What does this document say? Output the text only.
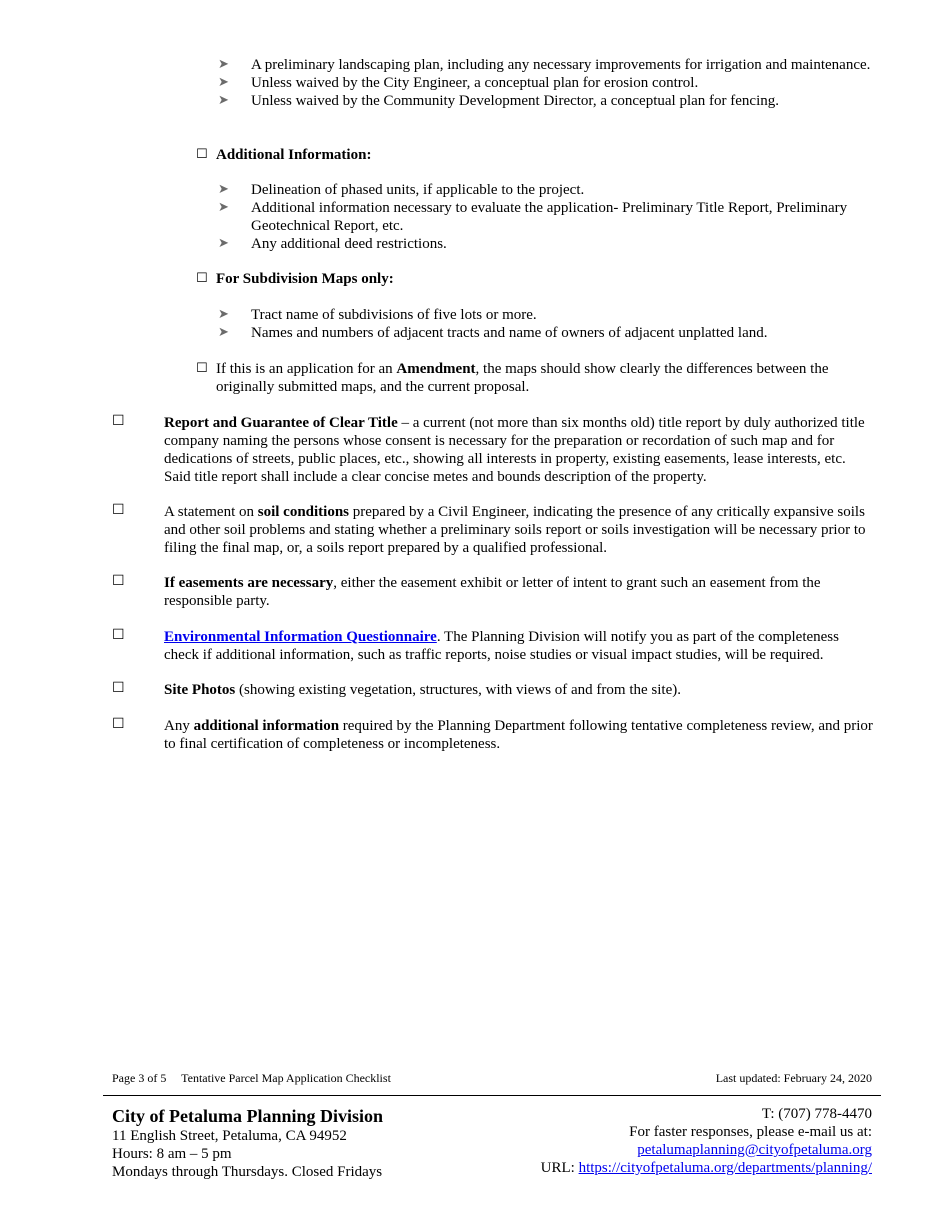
➤ A preliminary landscaping plan, including any necessary improvements for irrigation and maintenance.
➤ Unless waived by the City Engineer, a conceptual plan for erosion control.
➤ Unless waived by the Community Development Director, a conceptual plan for fencing.
☐ Additional Information:
➤ Delineation of phased units, if applicable to the project.
➤ Additional information necessary to evaluate the application- Preliminary Title Report, Preliminary Geotechnical Report, etc.
➤ Any additional deed restrictions.
☐ For Subdivision Maps only:
➤ Tract name of subdivisions of five lots or more.
➤ Names and numbers of adjacent tracts and name of owners of adjacent unplatted land.
☐ If this is an application for an Amendment, the maps should show clearly the differences between the originally submitted maps, and the current proposal.
☐	Report and Guarantee of Clear Title – a current (not more than six months old) title report by duly authorized title company naming the persons whose consent is necessary for the preparation or recordation of such map and for dedications of streets, public places, etc., showing all interests in property, existing easements, lease interests, etc. Said title report shall include a clear concise metes and bounds description of the property.
☐	A statement on soil conditions prepared by a Civil Engineer, indicating the presence of any critically expansive soils and other soil problems and stating whether a preliminary soils report or soils investigation will be necessary prior to filing the final map, or, a soils report prepared by a qualified professional.
☐	If easements are necessary, either the easement exhibit or letter of intent to grant such an easement from the responsible party.
☐	Environmental Information Questionnaire. The Planning Division will notify you as part of the completeness check if additional information, such as traffic reports, noise studies or visual impact studies, will be required.
☐	Site Photos (showing existing vegetation, structures, with views of and from the site).
☐	Any additional information required by the Planning Department following tentative completeness review, and prior to final certification of completeness or incompleteness.
Page 3 of 5 Tentative Parcel Map Application Checklist	Last updated: February 24, 2020
City of Petaluma Planning Division
11 English Street, Petaluma, CA 94952
Hours: 8 am – 5 pm
Mondays through Thursdays. Closed Fridays
T: (707) 778-4470
For faster responses, please e-mail us at:
petalumaplanning@cityofpetaluma.org
URL: https://cityofpetaluma.org/departments/planning/
